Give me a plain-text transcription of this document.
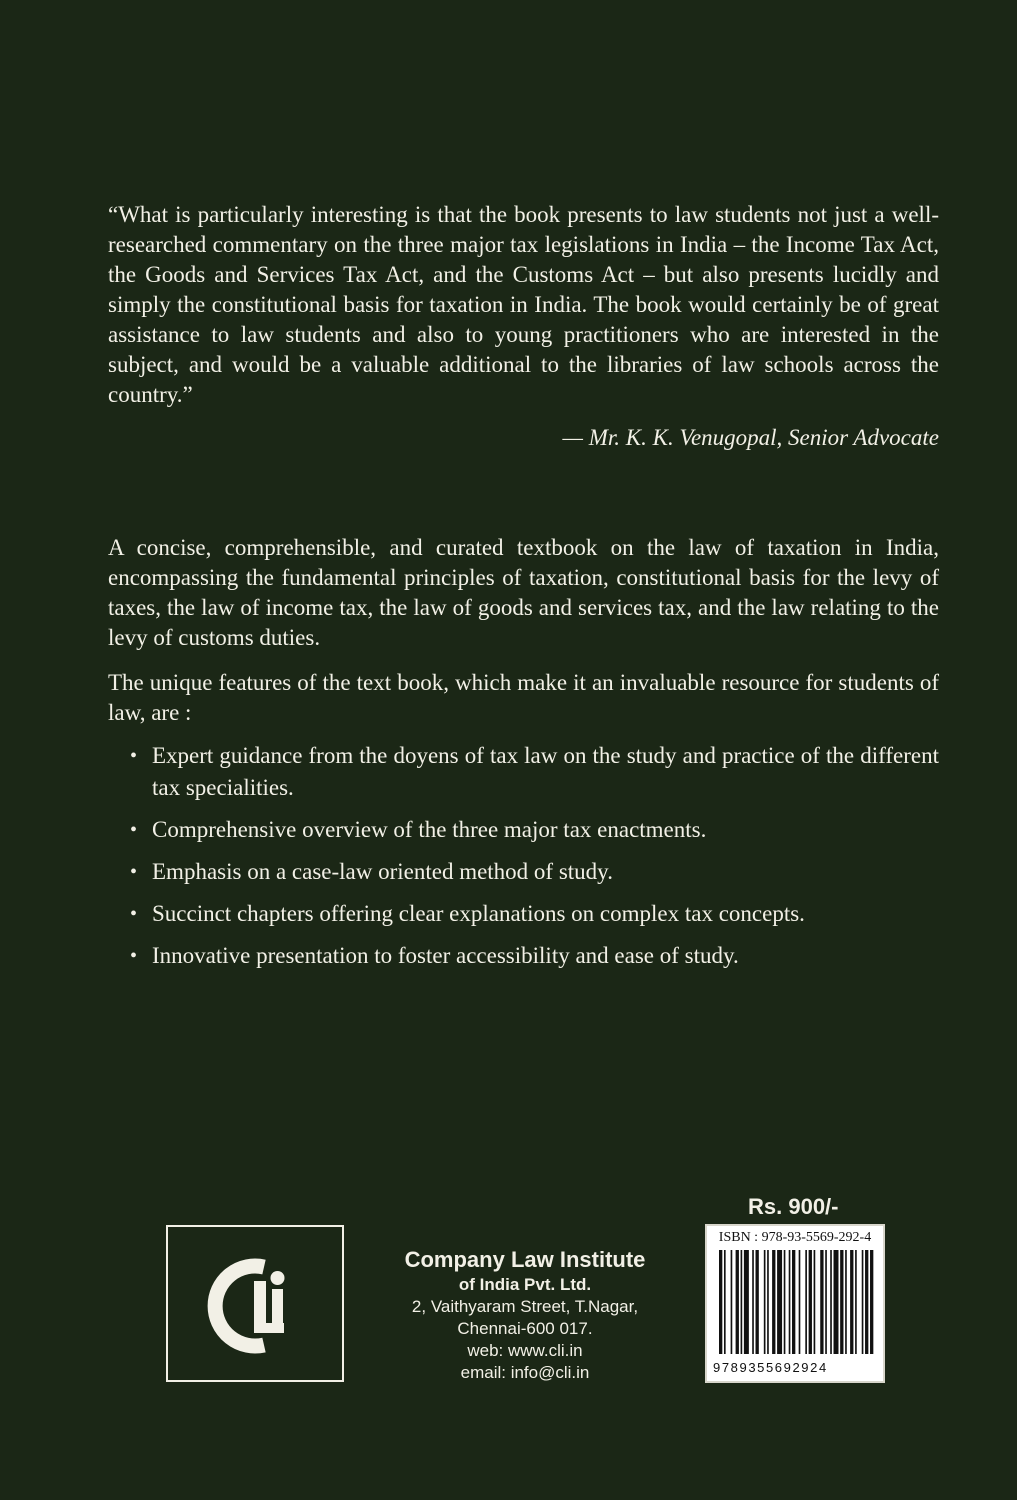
“What is particularly interesting is that the book presents to law students not just a well-researched commentary on the three major tax legislations in India – the Income Tax Act, the Goods and Services Tax Act, and the Customs Act – but also presents lucidly and simply the constitutional basis for taxation in India. The book would certainly be of great assistance to law students and also to young practitioners who are interested in the subject, and would be a valuable additional to the libraries of law schools across the country.”

— Mr. K. K. Venugopal, Senior Advocate

A concise, comprehensible, and curated textbook on the law of taxation in India, encompassing the fundamental principles of taxation, constitutional basis for the levy of taxes, the law of income tax, the law of goods and services tax, and the law relating to the levy of customs duties.

The unique features of the text book, which make it an invaluable resource for students of law, are :

• Expert guidance from the doyens of tax law on the study and practice of the different tax specialities.
• Comprehensive overview of the three major tax enactments.
• Emphasis on a case-law oriented method of study.
• Succinct chapters offering clear explanations on complex tax concepts.
• Innovative presentation to foster accessibility and ease of study.
Company Law Institute
of India Pvt. Ltd.
2, Vaithyaram Street, T.Nagar,
Chennai-600 017.
web: www.cli.in
email: info@cli.in
Rs. 900/-
ISBN : 978-93-5569-292-4
9789355692924
